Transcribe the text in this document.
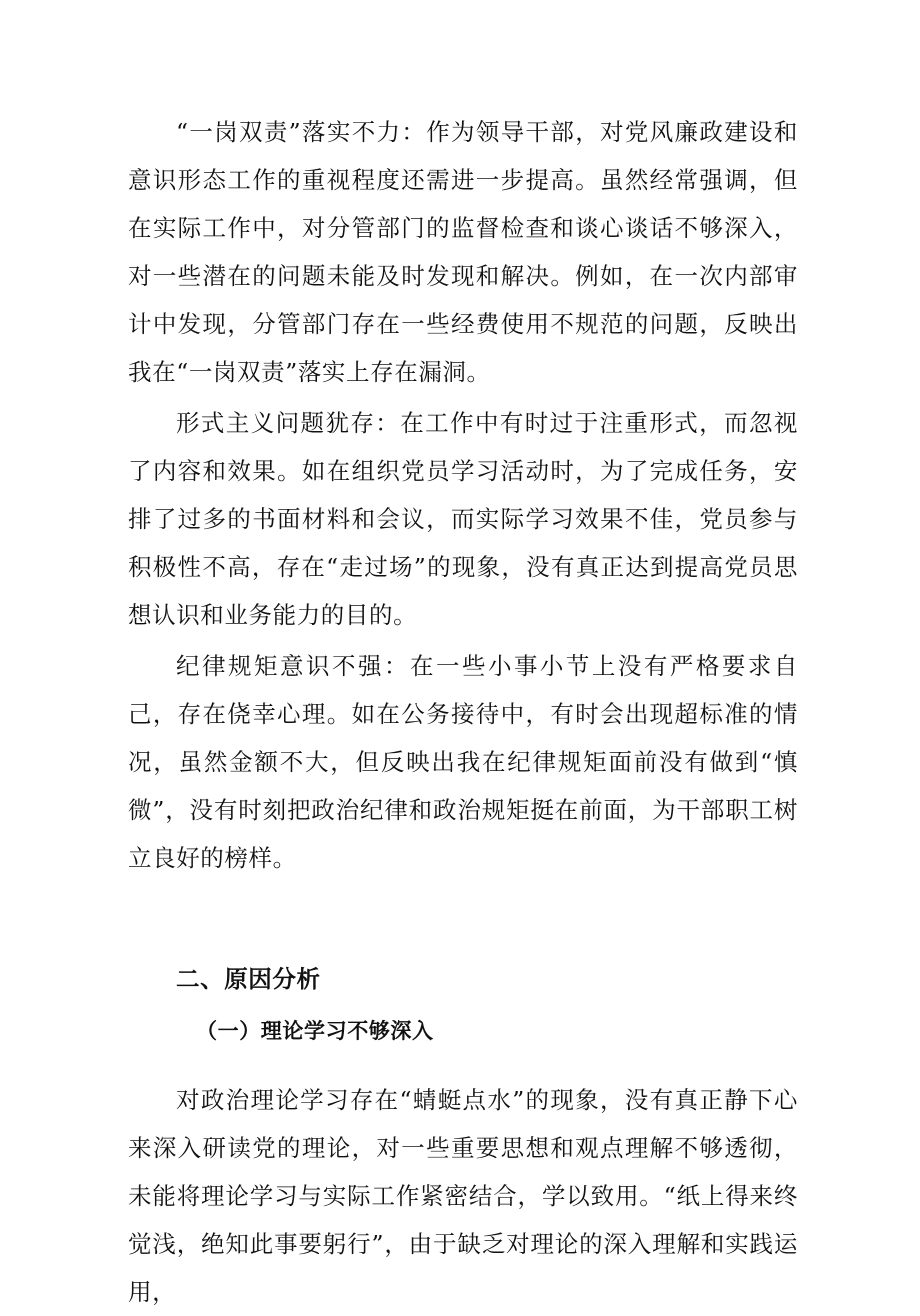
“一岗双责”落实不力：作为领导干部，对党风廉政建设和意识形态工作的重视程度还需进一步提高。虽然经常强调，但在实际工作中，对分管部门的监督检查和谈心谈话不够深入，对一些潜在的问题未能及时发现和解决。例如，在一次内部审计中发现，分管部门存在一些经费使用不规范的问题，反映出我在“一岗双责”落实上存在漏洞。

形式主义问题犹存：在工作中有时过于注重形式，而忽视了内容和效果。如在组织党员学习活动时，为了完成任务，安排了过多的书面材料和会议，而实际学习效果不佳，党员参与积极性不高，存在“走过场”的现象，没有真正达到提高党员思想认识和业务能力的目的。

纪律规矩意识不强：在一些小事小节上没有严格要求自己，存在侥幸心理。如在公务接待中，有时会出现超标准的情况，虽然金额不大，但反映出我在纪律规矩面前没有做到“慎微”，没有时刻把政治纪律和政治规矩挺在前面，为干部职工树立良好的榜样。

二、原因分析
（一）理论学习不够深入

对政治理论学习存在“蜻蜓点水”的现象，没有真正静下心来深入研读党的理论，对一些重要思想和观点理解不够透彻，未能将理论学习与实际工作紧密结合，学以致用。“纸上得来终觉浅，绝知此事要躬行”，由于缺乏对理论的深入理解和实践运用，
